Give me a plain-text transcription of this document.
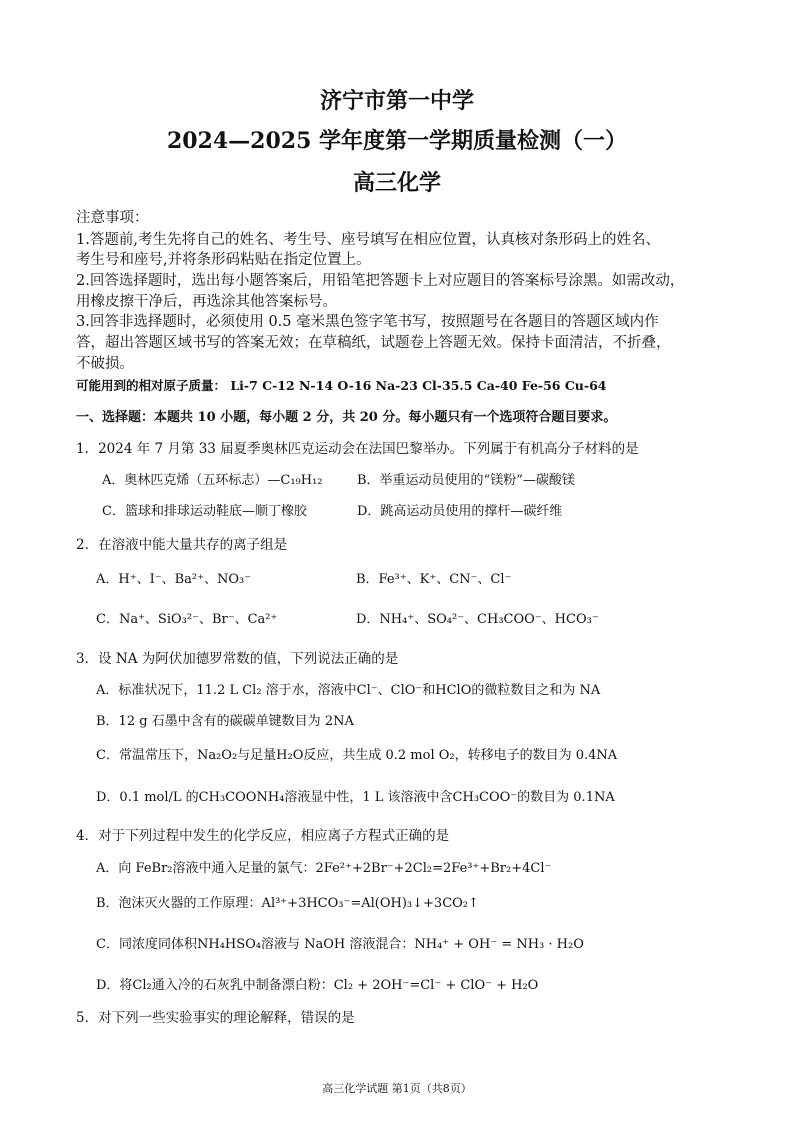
济宁市第一中学
2024—2025 学年度第一学期质量检测（一）
高三化学
注意事项：
1.答题前,考生先将自己的姓名、考生号、座号填写在相应位置，认真核对条形码上的姓名、
考生号和座号,并将条形码粘贴在指定位置上。
2.回答选择题时，选出每小题答案后，用铅笔把答题卡上对应题目的答案标号涂黑。如需改动，
用橡皮擦干净后，再选涂其他答案标号。
3.回答非选择题时，必须使用 0.5 毫米黑色签字笔书写，按照题号在各题目的答题区域内作
答，超出答题区域书写的答案无效；在草稿纸，试题卷上答题无效。保持卡面清洁，不折叠，
不破损。
可能用到的相对原子质量： Li-7 C-12 N-14 O-16 Na-23 Cl-35.5 Ca-40 Fe-56 Cu-64
一、选择题：本题共 10 小题，每小题 2 分，共 20 分。每小题只有一个选项符合题目要求。
1．2024 年 7 月第 33 届夏季奥林匹克运动会在法国巴黎举办。下列属于有机高分子材料的是
A．奥林匹克烯（五环标志）—C₁₉H₁₂	B．举重运动员使用的“镁粉”—碳酸镁
C．篮球和排球运动鞋底—顺丁橡胶	D．跳高运动员使用的撑杆—碳纤维
2．在溶液中能大量共存的离子组是
A．H⁺、I⁻、Ba²⁺、NO₃⁻	B．Fe³⁺、K⁺、CN⁻、Cl⁻
C．Na⁺、SiO₃²⁻、Br⁻、Ca²⁺	D．NH₄⁺、SO₄²⁻、CH₃COO⁻、HCO₃⁻
3．设 NA 为阿伏加德罗常数的值，下列说法正确的是
A．标准状况下，11.2 L Cl₂ 溶于水，溶液中Cl⁻、ClO⁻和HClO的微粒数目之和为 NA
B．12 g 石墨中含有的碳碳单键数目为 2NA
C．常温常压下，Na₂O₂与足量H₂O反应，共生成 0.2 mol O₂，转移电子的数目为 0.4NA
D．0.1 mol/L 的CH₃COONH₄溶液显中性，1 L 该溶液中含CH₃COO⁻的数目为 0.1NA
4．对于下列过程中发生的化学反应，相应离子方程式正确的是
A．向 FeBr₂溶液中通入足量的氯气：2Fe²⁺+2Br⁻+2Cl₂=2Fe³⁺+Br₂+4Cl⁻
B．泡沫灭火器的工作原理：Al³⁺+3HCO₃⁻=Al(OH)₃↓+3CO₂↑
C．同浓度同体积NH₄HSO₄溶液与 NaOH 溶液混合：NH₄⁺ + OH⁻ = NH₃ · H₂O
D．将Cl₂通入冷的石灰乳中制备漂白粉：Cl₂ + 2OH⁻=Cl⁻ + ClO⁻ + H₂O
5．对下列一些实验事实的理论解释，错误的是
高三化学试题 第1页（共8页）
